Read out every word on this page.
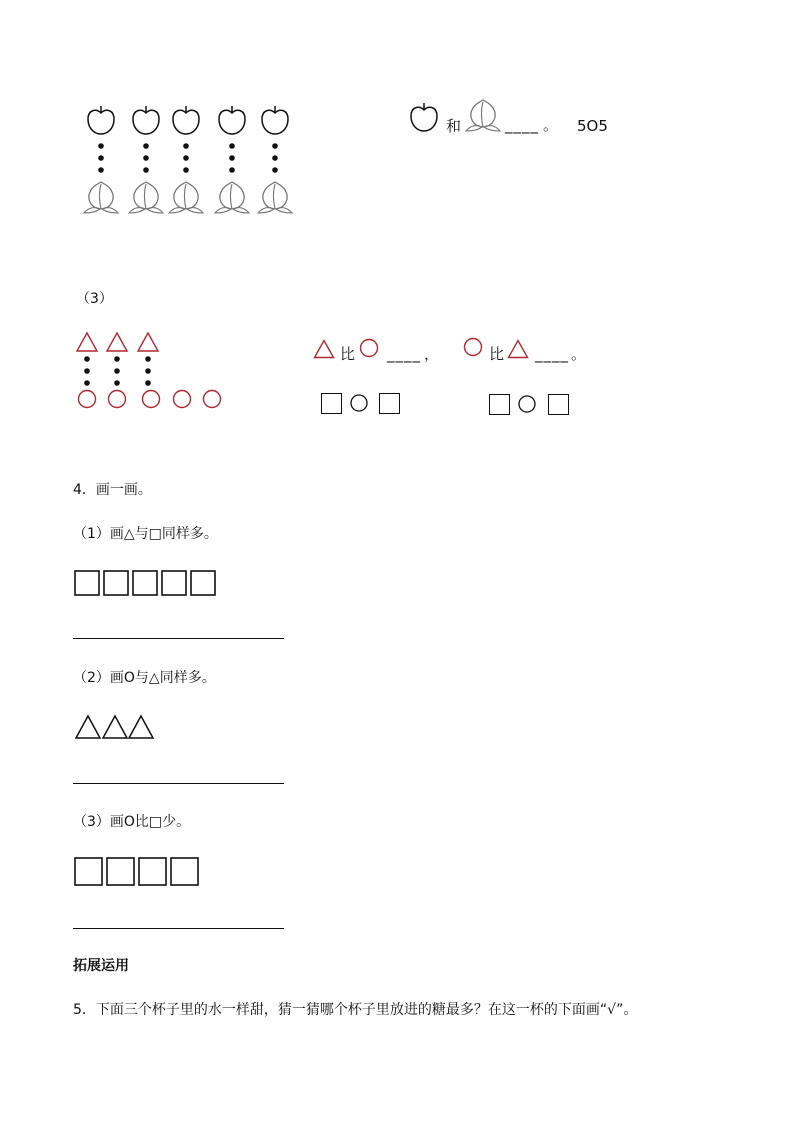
和	____ 。 5O5
（3）
比 ____ ，	比 ____ 。
4．画一画。
（1）画△与□同样多。
（2）画O与△同样多。
（3）画O比□少。
拓展运用
5．下面三个杯子里的水一样甜，猜一猜哪个杯子里放进的糖最多？在这一杯的下面画“√”。
